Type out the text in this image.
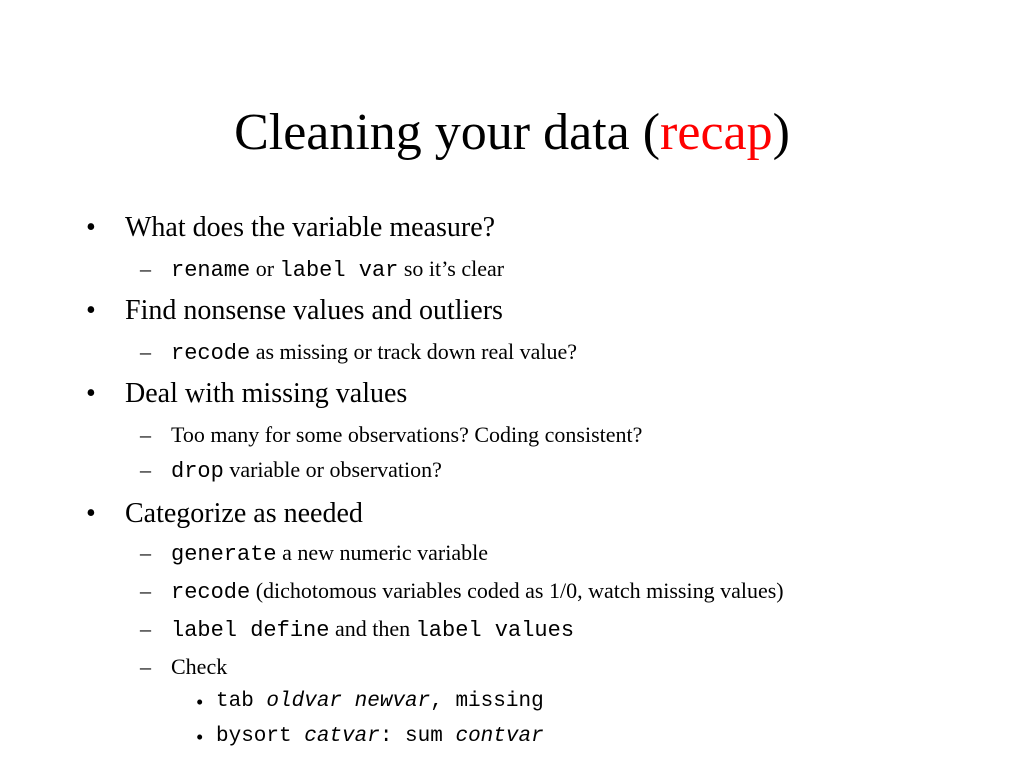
Cleaning your data (recap)
• What does the variable measure?
– rename or label var so it’s clear
• Find nonsense values and outliers
– recode as missing or track down real value?
• Deal with missing values
– Too many for some observations? Coding consistent?
– drop variable or observation?
• Categorize as needed
– generate a new numeric variable
– recode (dichotomous variables coded as 1/0, watch missing values)
– label define and then label values
– Check
• tab oldvar newvar, missing
• bysort catvar: sum contvar
